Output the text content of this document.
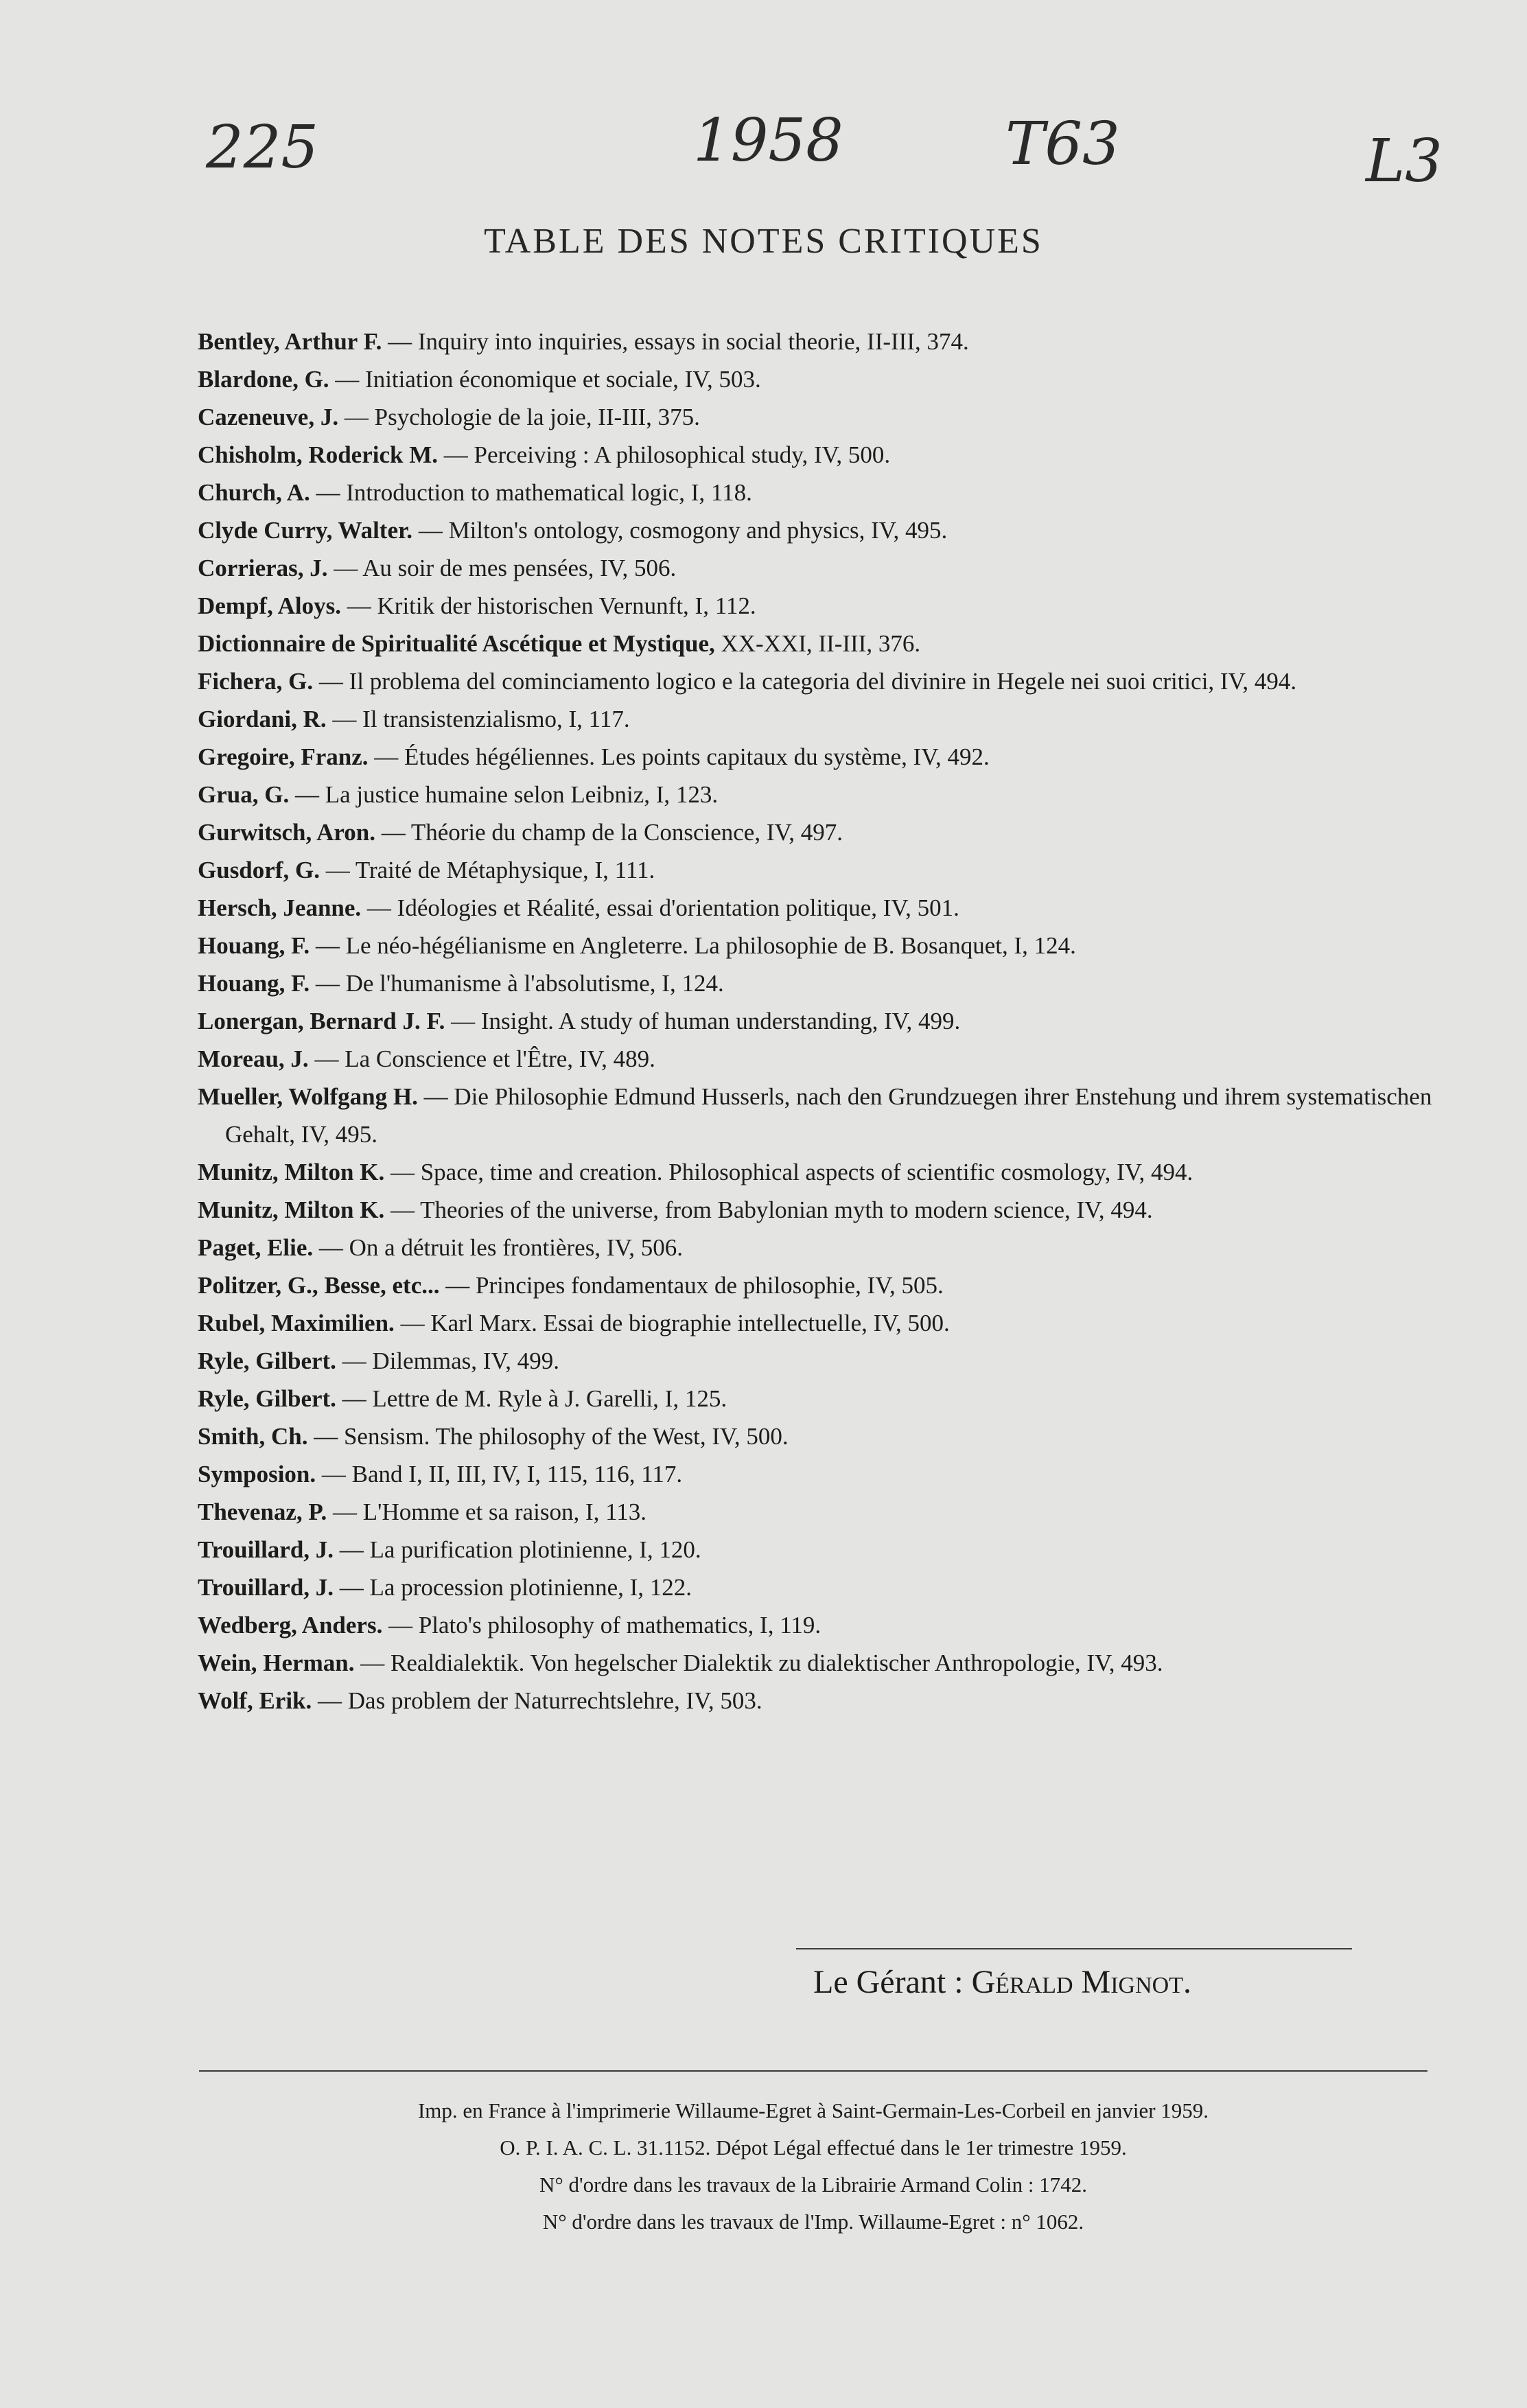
225	1958	T63	L3
TABLE DES NOTES CRITIQUES
Bentley, Arthur F. — Inquiry into inquiries, essays in social theorie, II-III, 374.
Blardone, G. — Initiation économique et sociale, IV, 503.
Cazeneuve, J. — Psychologie de la joie, II-III, 375.
Chisholm, Roderick M. — Perceiving : A philosophical study, IV, 500.
Church, A. — Introduction to mathematical logic, I, 118.
Clyde Curry, Walter. — Milton's ontology, cosmogony and physics, IV, 495.
Corrieras, J. — Au soir de mes pensées, IV, 506.
Dempf, Aloys. — Kritik der historischen Vernunft, I, 112.
Dictionnaire de Spiritualité Ascétique et Mystique, XX-XXI, II-III, 376.
Fichera, G. — Il problema del cominciamento logico e la categoria del divinire in Hegele nei suoi critici, IV, 494.
Giordani, R. — Il transistenzialismo, I, 117.
Gregoire, Franz. — Études hégéliennes. Les points capitaux du système, IV, 492.
Grua, G. — La justice humaine selon Leibniz, I, 123.
Gurwitsch, Aron. — Théorie du champ de la Conscience, IV, 497.
Gusdorf, G. — Traité de Métaphysique, I, 111.
Hersch, Jeanne. — Idéologies et Réalité, essai d'orientation politique, IV, 501.
Houang, F. — Le néo-hégélianisme en Angleterre. La philosophie de B. Bosanquet, I, 124.
Houang, F. — De l'humanisme à l'absolutisme, I, 124.
Lonergan, Bernard J. F. — Insight. A study of human understanding, IV, 499.
Moreau, J. — La Conscience et l'Être, IV, 489.
Mueller, Wolfgang H. — Die Philosophie Edmund Husserls, nach den Grundzuegen ihrer Enstehung und ihrem systematischen Gehalt, IV, 495.
Munitz, Milton K. — Space, time and creation. Philosophical aspects of scientific cosmology, IV, 494.
Munitz, Milton K. — Theories of the universe, from Babylonian myth to modern science, IV, 494.
Paget, Elie. — On a détruit les frontières, IV, 506.
Politzer, G., Besse, etc... — Principes fondamentaux de philosophie, IV, 505.
Rubel, Maximilien. — Karl Marx. Essai de biographie intellectuelle, IV, 500.
Ryle, Gilbert. — Dilemmas, IV, 499.
Ryle, Gilbert. — Lettre de M. Ryle à J. Garelli, I, 125.
Smith, Ch. — Sensism. The philosophy of the West, IV, 500.
Symposion. — Band I, II, III, IV, I, 115, 116, 117.
Thevenaz, P. — L'Homme et sa raison, I, 113.
Trouillard, J. — La purification plotinienne, I, 120.
Trouillard, J. — La procession plotinienne, I, 122.
Wedberg, Anders. — Plato's philosophy of mathematics, I, 119.
Wein, Herman. — Realdialektik. Von hegelscher Dialektik zu dialektischer Anthropologie, IV, 493.
Wolf, Erik. — Das problem der Naturrechtslehre, IV, 503.
Le Gérant : Gérald Mignot.
Imp. en France à l'imprimerie Willaume-Egret à Saint-Germain-Les-Corbeil en janvier 1959.
O. P. I. A. C. L. 31.1152. Dépot Légal effectué dans le 1er trimestre 1959.
N° d'ordre dans les travaux de la Librairie Armand Colin : 1742.
N° d'ordre dans les travaux de l'Imp. Willaume-Egret : n° 1062.
